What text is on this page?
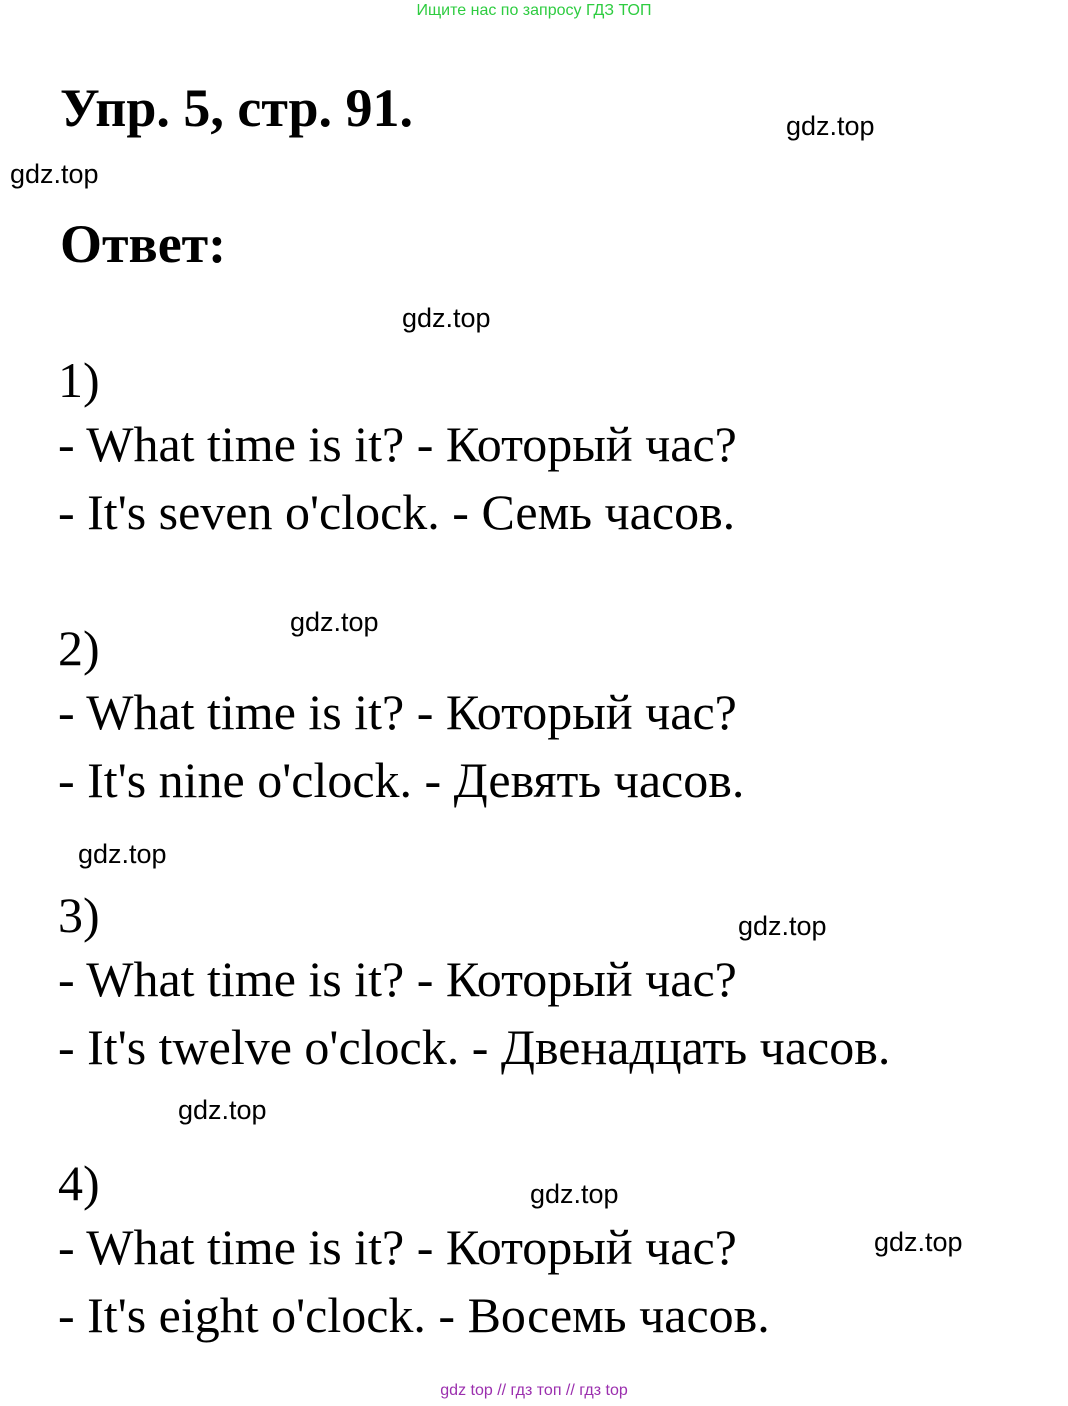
Ищите нас по запросу ГДЗ ТОП
Упр. 5, стр. 91.
Ответ:
1)
- What time is it? - Который час?
- It's seven o'clock. - Семь часов.
2)
- What time is it? - Который час?
- It's nine o'clock. - Девять часов.
3)
- What time is it? - Который час?
- It's twelve o'clock. - Двенадцать часов.
4)
- What time is it? - Который час?
- It's eight o'clock. - Восемь часов.
gdz.top
gdz.top
gdz.top
gdz.top
gdz.top
gdz.top
gdz.top
gdz.top
gdz.top
gdz top // гдз топ // гдз top
